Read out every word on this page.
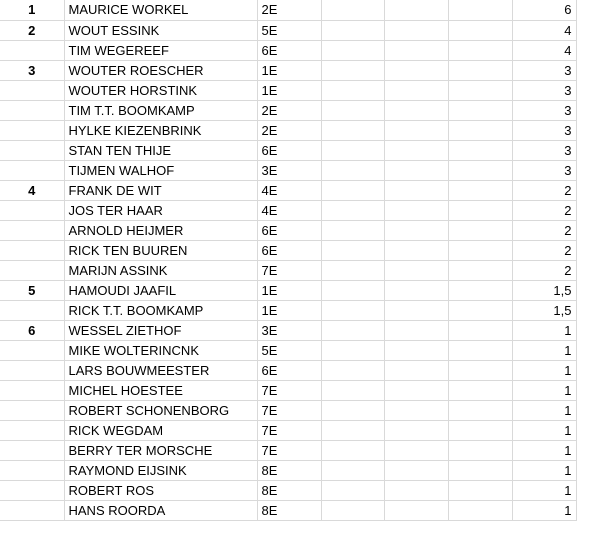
1	MAURICE WORKEL	2E				6
2	WOUT ESSINK	5E				4
	TIM WEGEREEF	6E				4
3	WOUTER ROESCHER	1E				3
	WOUTER HORSTINK	1E				3
	TIM T.T. BOOMKAMP	2E				3
	HYLKE KIEZENBRINK	2E				3
	STAN TEN THIJE	6E				3
	TIJMEN WALHOF	3E				3
4	FRANK DE WIT	4E				2
	JOS TER HAAR	4E				2
	ARNOLD HEIJMER	6E				2
	RICK TEN BUUREN	6E				2
	MARIJN ASSINK	7E				2
5	HAMOUDI JAAFIL	1E				1,5
	RICK T.T. BOOMKAMP	1E				1,5
6	WESSEL ZIETHOF	3E				1
	MIKE WOLTERINCNK	5E				1
	LARS BOUWMEESTER	6E				1
	MICHEL HOESTEE	7E				1
	ROBERT SCHONENBORG	7E				1
	RICK WEGDAM	7E				1
	BERRY TER MORSCHE	7E				1
	RAYMOND EIJSINK	8E				1
	ROBERT ROS	8E				1
	HANS ROORDA	8E				1
